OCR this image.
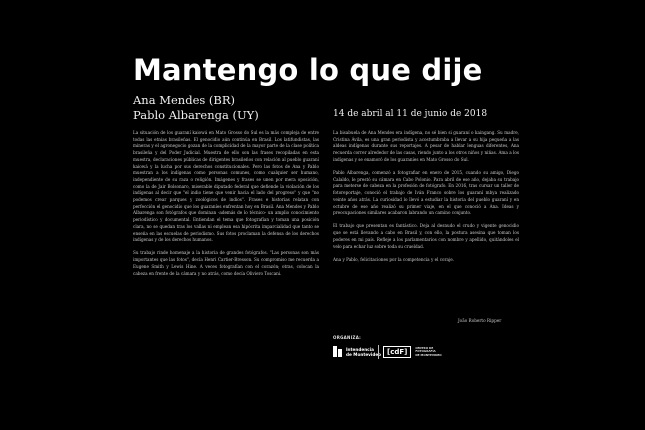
Mantengo lo que dije
Ana Mendes (BR)
Pablo Albarenga (UY)	14 de abril al 11 de junio de 2018

La situación de los guaraní kaiowá en Mato Grosso do Sul es la más compleja de entre todas las etnias brasileñas. El genocidio aún continúa en Brasil. Los latifundistas, las mineras y el agronegocio gozan de la complicidad de la mayor parte de la clase política brasileña y del Poder Judicial. Muestra de ello son las frases recopiladas en esta muestra, declaraciones públicas de dirigentes brasileños con relación al pueblo guaraní kaiowá y la lucha por sus derechos constitucionales. Pero las fotos de Ana y Pablo muestran a los indígenas como personas comunes, como cualquier ser humano, independiente de su raza o religión. Imágenes y frases se unen por mera oposición, como la de Jair Bolsonaro, miserable diputado federal que defiende la violación de los indígenas al decir que "el indio tiene que venir hacia el lado del progreso" y que "no podemos crear parques y zoológicos de indios". Frases e historias relatan con perfección el genocidio que los guaraníes enfrentan hoy en Brasil. Ana Mendes y Pablo Albarenga son fotógrafos que dominan -además de lo técnico- un amplio conocimiento periodístico y documental. Entiendan el tema que fotografían y toman una posición clara, no se quedan tras los vallas ni emplean esa hipócrita imparcialidad que tanto se enseña en las escuelas de periodismo. Sus fotos proclaman la defensa de los derechos indígenas y de los derechos humanos.

Su trabajo rinde homenaje a la historia de grandes fotógrafos. "Las personas son más importantes que las fotos", decía Henri Cartier-Bresson. Su compromiso me recuerda a Eugene Smith y Lewis Hine. A veces fotografían con el corazón; otras, colocan la cabeza en frente de la cámara y no atrás, como decía Oliviero Toscani.

La bisabuela de Ana Mendes era indígena, no sé bien si guaraní o kaingang. Su madre, Cristina Ávila, es una gran periodista y acostumbraba a llevar a su hija pequeña a las aldeas indígenas durante sus reportajes. A pesar de hablar lenguas diferentes, Ana recuerda correr alrededor de las casas, riendo junto a los otros niños y niñas. Ama a los indígenas y se enamoró de los guaraníes en Mato Grosso do Sul.

Pablo Albarenga, comenzó a fotografiar en enero de 2015, cuando su amigo, Diego Calaldo, le prestó su cámara en Cabo Polonio. Para abril de ese año, dejaba su trabajo para meterse de cabeza en la profesión de fotógrafo. En 2016, tras cursar un taller de fotoreportaje, conoció el trabajo de Iván Franco sobre los guaraní mbya realizado veinte años atrás. La curiosidad lo llevó a estudiar la historia del pueblo guaraní y en octubre de ese año realizó su primer viaje, en el que conoció a Ana. Ideas y preocupaciones similares acabaron labrando un camino conjunto.

El trabajo que presentan es fantástico. Deja al desnudo el crudo y vigente genocidio que se está llevando a cabo en Brasil y, con ello, la postura asesina que toman los poderes en mi país. Refleje a los parlamentarios con nombre y apellido, quitándoles el velo para echar luz sobre toda su crueldad.

Ana y Pablo, felicitaciones por la competencia y el coraje.

João Roberto Ripper
ORGANIZA:
Intendencia
de Montevideo [cdF]
CENTRO DE
FOTOGRAFÍA
DE MONTEVIDEO
